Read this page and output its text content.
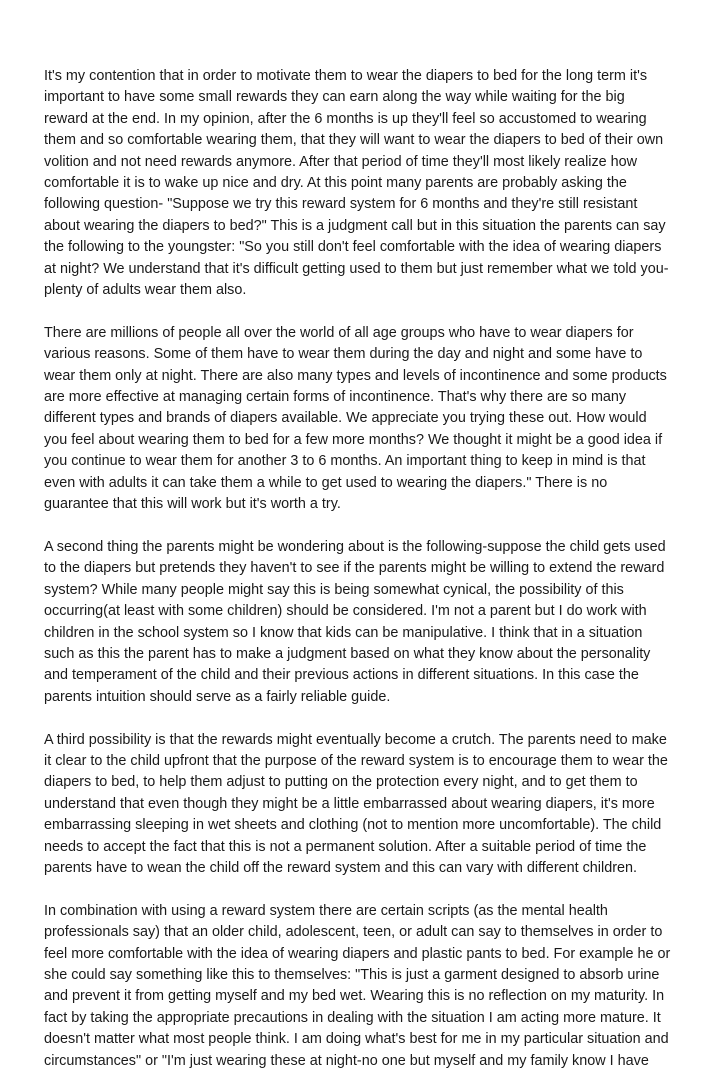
It's my contention that in order to motivate them to wear the diapers to bed for the long term it's
important to have some small rewards they can earn along the way while waiting for the big
reward at the end. In my opinion, after the 6 months is up they'll feel so accustomed to wearing
them and so comfortable wearing them, that they will want to wear the diapers to bed of their own
volition and not need rewards anymore. After that period of time they'll most likely realize how
comfortable it is to wake up nice and dry. At this point many parents are probably asking the
following question- "Suppose we try this reward system for 6 months and they're still resistant
about wearing the diapers to bed?" This is a judgment call but in this situation the parents can say
the following to the youngster: "So you still don't feel comfortable with the idea of wearing diapers
at night? We understand that it's difficult getting used to them but just remember what we told you-
plenty of adults wear them also.

There are millions of people all over the world of all age groups who have to wear diapers for
various reasons. Some of them have to wear them during the day and night and some have to
wear them only at night. There are also many types and levels of incontinence and some products
are more effective at managing certain forms of incontinence. That's why there are so many
different types and brands of diapers available. We appreciate you trying these out. How would
you feel about wearing them to bed for a few more months? We thought it might be a good idea if
you continue to wear them for another 3 to 6 months. An important thing to keep in mind is that
even with adults it can take them a while to get used to wearing the diapers." There is no
guarantee that this will work but it's worth a try.

A second thing the parents might be wondering about is the following-suppose the child gets used
to the diapers but pretends they haven't to see if the parents might be willing to extend the reward
system? While many people might say this is being somewhat cynical, the possibility of this
occurring(at least with some children) should be considered. I'm not a parent but I do work with
children in the school system so I know that kids can be manipulative. I think that in a situation
such as this the parent has to make a judgment based on what they know about the personality
and temperament of the child and their previous actions in different situations. In this case the
parents intuition should serve as a fairly reliable guide.

A third possibility is that the rewards might eventually become a crutch. The parents need to make
it clear to the child upfront that the purpose of the reward system is to encourage them to wear the
diapers to bed, to help them adjust to putting on the protection every night, and to get them to
understand that even though they might be a little embarrassed about wearing diapers, it's more
embarrassing sleeping in wet sheets and clothing (not to mention more uncomfortable). The child
needs to accept the fact that this is not a permanent solution. After a suitable period of time the
parents have to wean the child off the reward system and this can vary with different children.

In combination with using a reward system there are certain scripts (as the mental health
professionals say) that an older child, adolescent, teen, or adult can say to themselves in order to
feel more comfortable with the idea of wearing diapers and plastic pants to bed. For example he or
she could say something like this to themselves: "This is just a garment designed to absorb urine
and prevent it from getting myself and my bed wet. Wearing this is no reflection on my maturity. In
fact by taking the appropriate precautions in dealing with the situation I am acting more mature. It
doesn't matter what most people think. I am doing what's best for me in my particular situation and
circumstances" or "I'm just wearing these at night-no one but myself and my family know I have
